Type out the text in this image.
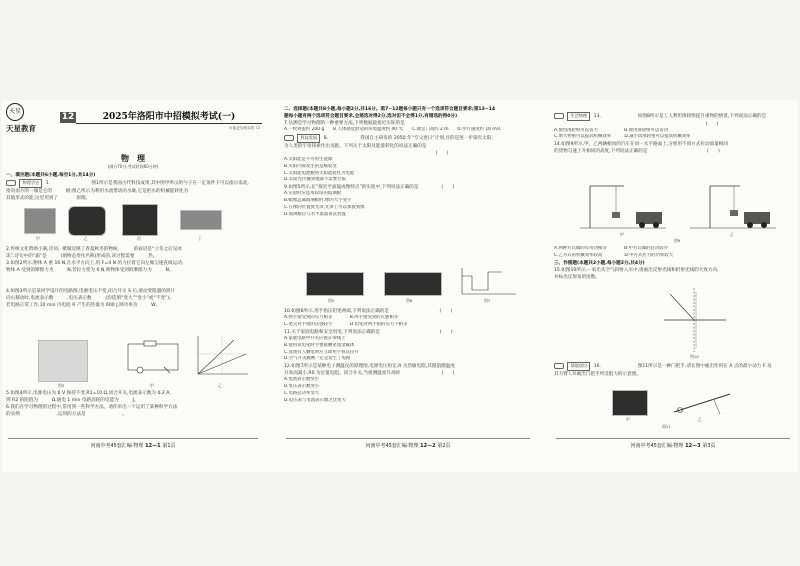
天星
天星教育
12	2025年洛阳市中招模拟考试(一)
可能更加现实的 72
物　理
(满分70分,考试时间60分钟)
一、填空题(本题共6小题,每空1分,共14分)
物理学史 1.　　　　　　　　　图1所示是我国古代科技成果,其中图甲所示的勺子在一定条件下可以指示南北,
指向南方的一端是它的　　　极;图乙所示为利用水流带动的水碓,它是把水的机械能转化为
其他形式的能,这里用到了　　　　原理。
甲	乙	丙	丁
2.传统文化赞颂小满,诗词、歌赋反映了春夏秋冬的物候。　　　的谚语是“立冬之后见冰
冻”,诗句中的“霜”是　　　(填物态变化名称)形成的,该过程需要　　　热。
3.如图2所示,物体 A 重 16 N,在水平方向上,用 F=4 N 的力拉着它向左做匀速直线运动,
物体 A 受到的摩擦力为　　　N,若拉力变为 6 N,则物体受到的摩擦力为　　　N。
4.如图3所示是某同学设计的电路图,电源电压不变,闭合开关 S 后,滑动变阻器的滑片
向右移动时,电流表示数　　　,电压表示数　　　(均选填“变大”“变小”或“不变”)。
若电路正常工作,10 min 内电阻 R 产生的热量为 600 J,则功率为　　　W。
图3	甲	乙
5.如图4所示,电源电压为 6 V 保持不变,R1=10 Ω,闭合开关,电流表示数为 0.2 A,
则 R2 的阻值为　　　Ω,通电 1 min 电路消耗的电能为　　　J。
6.我们在学习物理的过程中,常用到一些科学方法。请你举出一个运用了某种科学方法
的实例　　　　　　　　,运用的方法是　　　　　　　　。
河南中考45套汇编·物理 12—1 第1页
二、选择题(本题共8小题,每小题2分,共16分。第7~12题每小题只有一个选项符合题目要求;第13~14
题每小题有两个选项符合题目要求,全部选对得2分,选对但不全得1分,有错选的得0分)
7.估测是学习物理的一种重要方法,下列数据最接近实际的是
A.一枚鸡蛋约 200 g　　B.人体感觉舒适的环境温度约 40 ℃　　C.教室门高约 2 m　　D.步行速度约 10 m/s
科技发展 8.　　　　　　　我国自主研发的 2050 年“夸父逐日”计划,目的是进一步探究太阳,
为人类的宇宙探索作出贡献。下列关于太阳及能量转化的说法正确的是
　　　　　　　　　　　　　　　　　　　　　　　　　　　　　　　　　(　　)
A.太阳能是不可再生能源
B.太阳内部发生的是核裂变
C.太阳能电池板将太阳能转化为电能
D.太阳光传播到地球不需要介质
9.如图5所示,在“探究平面镜成像特点”的实验中,下列说法正确的是　　　　　(　　)
A.实验时应选用较厚的玻璃板
B.蜡烛远离玻璃板时,像的大小变小
C.在像的位置放光屏,光屏上可以承接到像
D.玻璃板应与水平桌面垂直放置
图5	图6	图7
10.如图6所示,用手指压铅笔两端,下列说法正确的是　　　　　　　　　　　(　　)
A.两手指受到的压力相等　　　　B.两手指受到的压强相等
C.笔尖对手指的压强较小　　　　D.铅笔对两手指的压力不相等
11.关于家庭电路和安全用电,下列说法正确的是　　　　　　　　　　　　　(　　)
A.家庭电路中开关应接在零线上
B.使用试电笔时手要接触笔尾金属体
C.发现有人触电时应立即用手将其拉开
D.空气开关跳闸一定是发生了短路
12.如图7所示是某种电子测温仪的原理图,电源电压恒定,R 为热敏电阻,其阻值随温度
升高而减小,R0 为定值电阻。闭合开关,当被测温度升高时　　　　　　　　　(　　)
A.电流表示数变小
B.电压表示数变小
C.电路总功率变大
D.电压表与电流表示数之比变大
河南中考45套汇编·物理 12—2 第2页
生活物理 13.　　　　　　　　如图8所示是工人利用滑轮组提升重物的情景,下列说法正确的是
　　　　　　　　　　　　　　　　　　　　　　　　　　　　　　　　　(　　)
A.使用滑轮组可以省力　　　　　　B.使用滑轮组可以省功
C.增大物重可以提高机械效率　　　D.减小动滑轮重可以提高机械效率
14.如图9所示,甲、乙两辆相同的汽车在同一水平路面上,分别用不同方式拉动质量相同
的货物匀速上升相同的高度,下列说法正确的是　　　　　　　　　　　　　(　　)
甲	乙
图9
A.两种方式做的有用功相等　　　　B.甲方式做的总功较少
C.乙方式的机械效率较高　　　　　D.甲方式拉力的功率较大
三、作图题(本题共2小题,每小题2分,共4分)
15.如图10所示,一束光从空气斜射入水中,请画出反射光线和折射光线的大致方向,
并标出反射角的度数。
图10
情境创设 16.　　　　　　　　图11所示是一种门把手,请在图中画出作用在 A 点的最小动力 F 及
其力臂 l,并画出门把手所受阻力的示意图。
甲	乙
图11
河南中考45套汇编·物理 12—3 第3页
